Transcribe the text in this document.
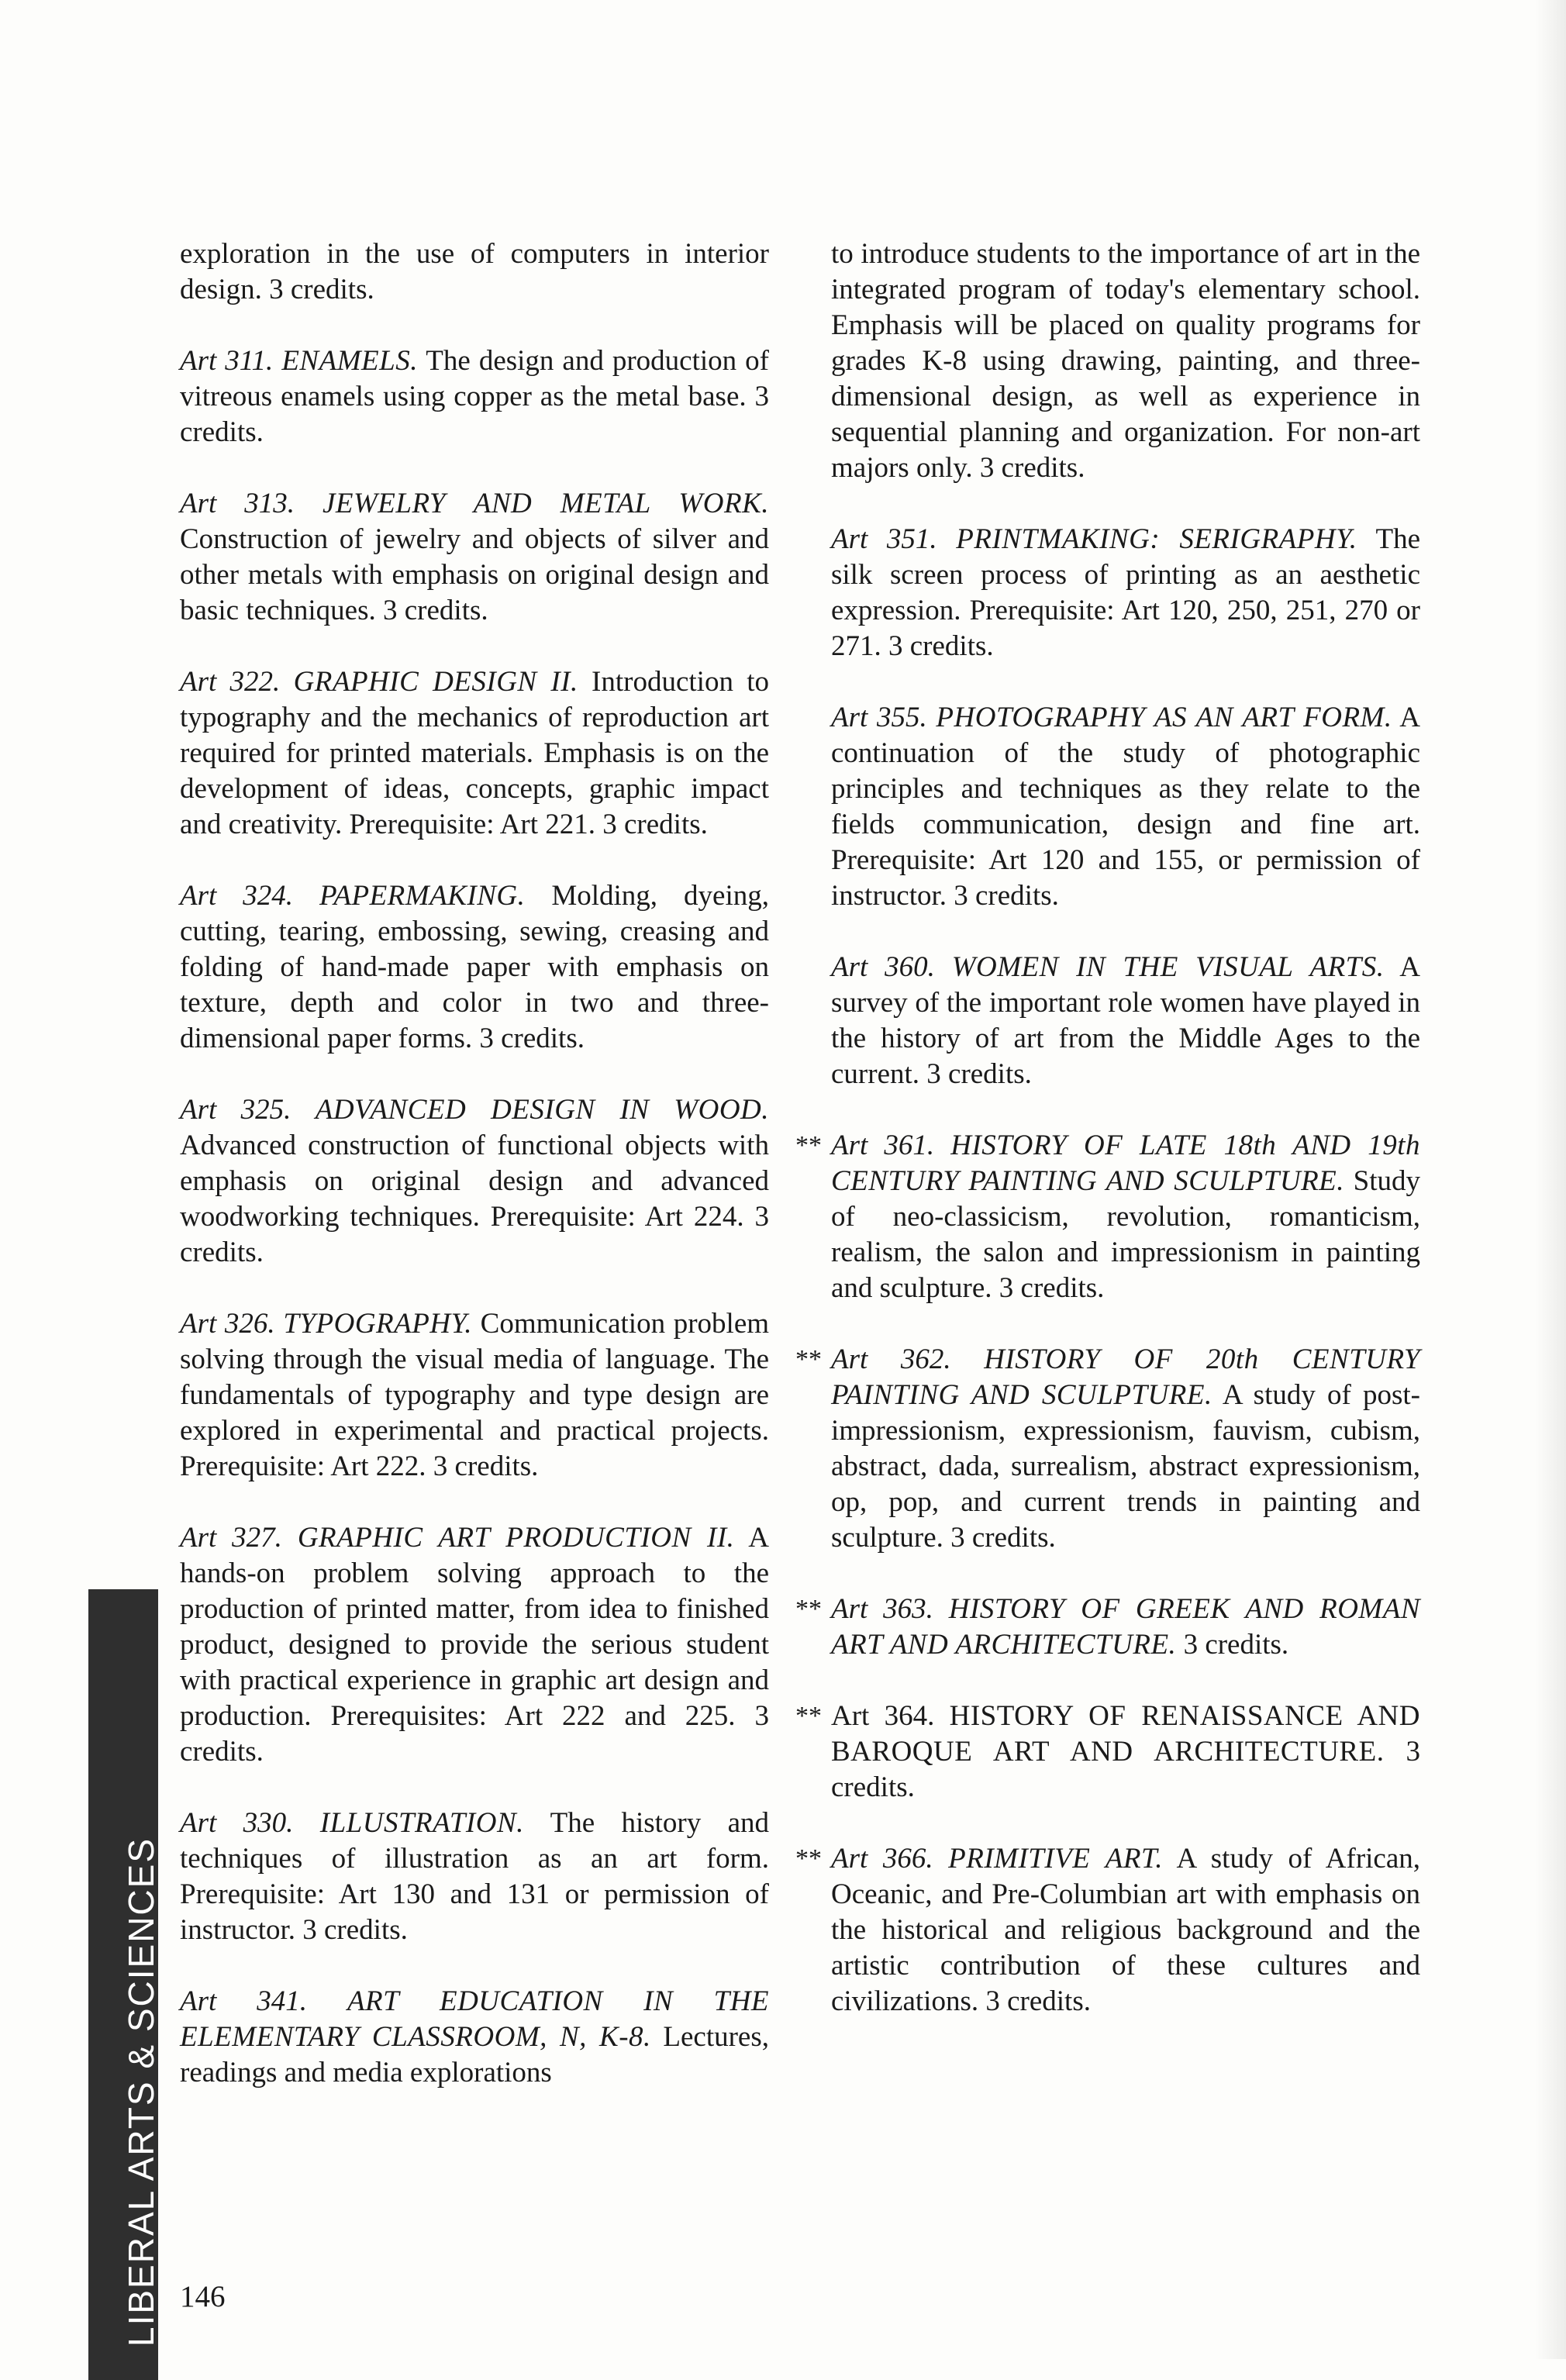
exploration in the use of computers in interior design. 3 credits.

Art 311. ENAMELS. The design and production of vitreous enamels using copper as the metal base. 3 credits.

Art 313. JEWELRY AND METAL WORK. Construction of jewelry and objects of silver and other metals with emphasis on original design and basic techniques. 3 credits.

Art 322. GRAPHIC DESIGN II. Introduction to typography and the mechanics of reproduction art required for printed materials. Emphasis is on the development of ideas, concepts, graphic impact and creativity. Prerequisite: Art 221. 3 credits.

Art 324. PAPERMAKING. Molding, dyeing, cutting, tearing, embossing, sewing, creasing and folding of hand-made paper with emphasis on texture, depth and color in two and three-dimensional paper forms. 3 credits.

Art 325. ADVANCED DESIGN IN WOOD. Advanced construction of functional objects with emphasis on original design and advanced woodworking techniques. Prerequisite: Art 224. 3 credits.

Art 326. TYPOGRAPHY. Communication problem solving through the visual media of language. The fundamentals of typography and type design are explored in experimental and practical projects. Prerequisite: Art 222. 3 credits.

Art 327. GRAPHIC ART PRODUCTION II. A hands-on problem solving approach to the production of printed matter, from idea to finished product, designed to provide the serious student with practical experience in graphic art design and production. Prerequisites: Art 222 and 225. 3 credits.

Art 330. ILLUSTRATION. The history and techniques of illustration as an art form. Prerequisite: Art 130 and 131 or permission of instructor. 3 credits.

Art 341. ART EDUCATION IN THE ELEMENTARY CLASSROOM, N, K-8. Lectures, readings and media explorations

to introduce students to the importance of art in the integrated program of today's elementary school. Emphasis will be placed on quality programs for grades K-8 using drawing, painting, and three-dimensional design, as well as experience in sequential planning and organization. For non-art majors only. 3 credits.

Art 351. PRINTMAKING: SERIGRAPHY. The silk screen process of printing as an aesthetic expression. Prerequisite: Art 120, 250, 251, 270 or 271. 3 credits.

Art 355. PHOTOGRAPHY AS AN ART FORM. A continuation of the study of photographic principles and techniques as they relate to the fields communication, design and fine art. Prerequisite: Art 120 and 155, or permission of instructor. 3 credits.

Art 360. WOMEN IN THE VISUAL ARTS. A survey of the important role women have played in the history of art from the Middle Ages to the current. 3 credits.

** Art 361. HISTORY OF LATE 18th AND 19th CENTURY PAINTING AND SCULPTURE. Study of neo-classicism, revolution, romanticism, realism, the salon and impressionism in painting and sculpture. 3 credits.

** Art 362. HISTORY OF 20th CENTURY PAINTING AND SCULPTURE. A study of post-impressionism, expressionism, fauvism, cubism, abstract, dada, surrealism, abstract expressionism, op, pop, and current trends in painting and sculpture. 3 credits.

** Art 363. HISTORY OF GREEK AND ROMAN ART AND ARCHITECTURE. 3 credits.

** Art 364. HISTORY OF RENAISSANCE AND BAROQUE ART AND ARCHITECTURE. 3 credits.

** Art 366. PRIMITIVE ART. A study of African, Oceanic, and Pre-Columbian art with emphasis on the historical and religious background and the artistic contribution of these cultures and civilizations. 3 credits.

LIBERAL ARTS & SCIENCES 146
